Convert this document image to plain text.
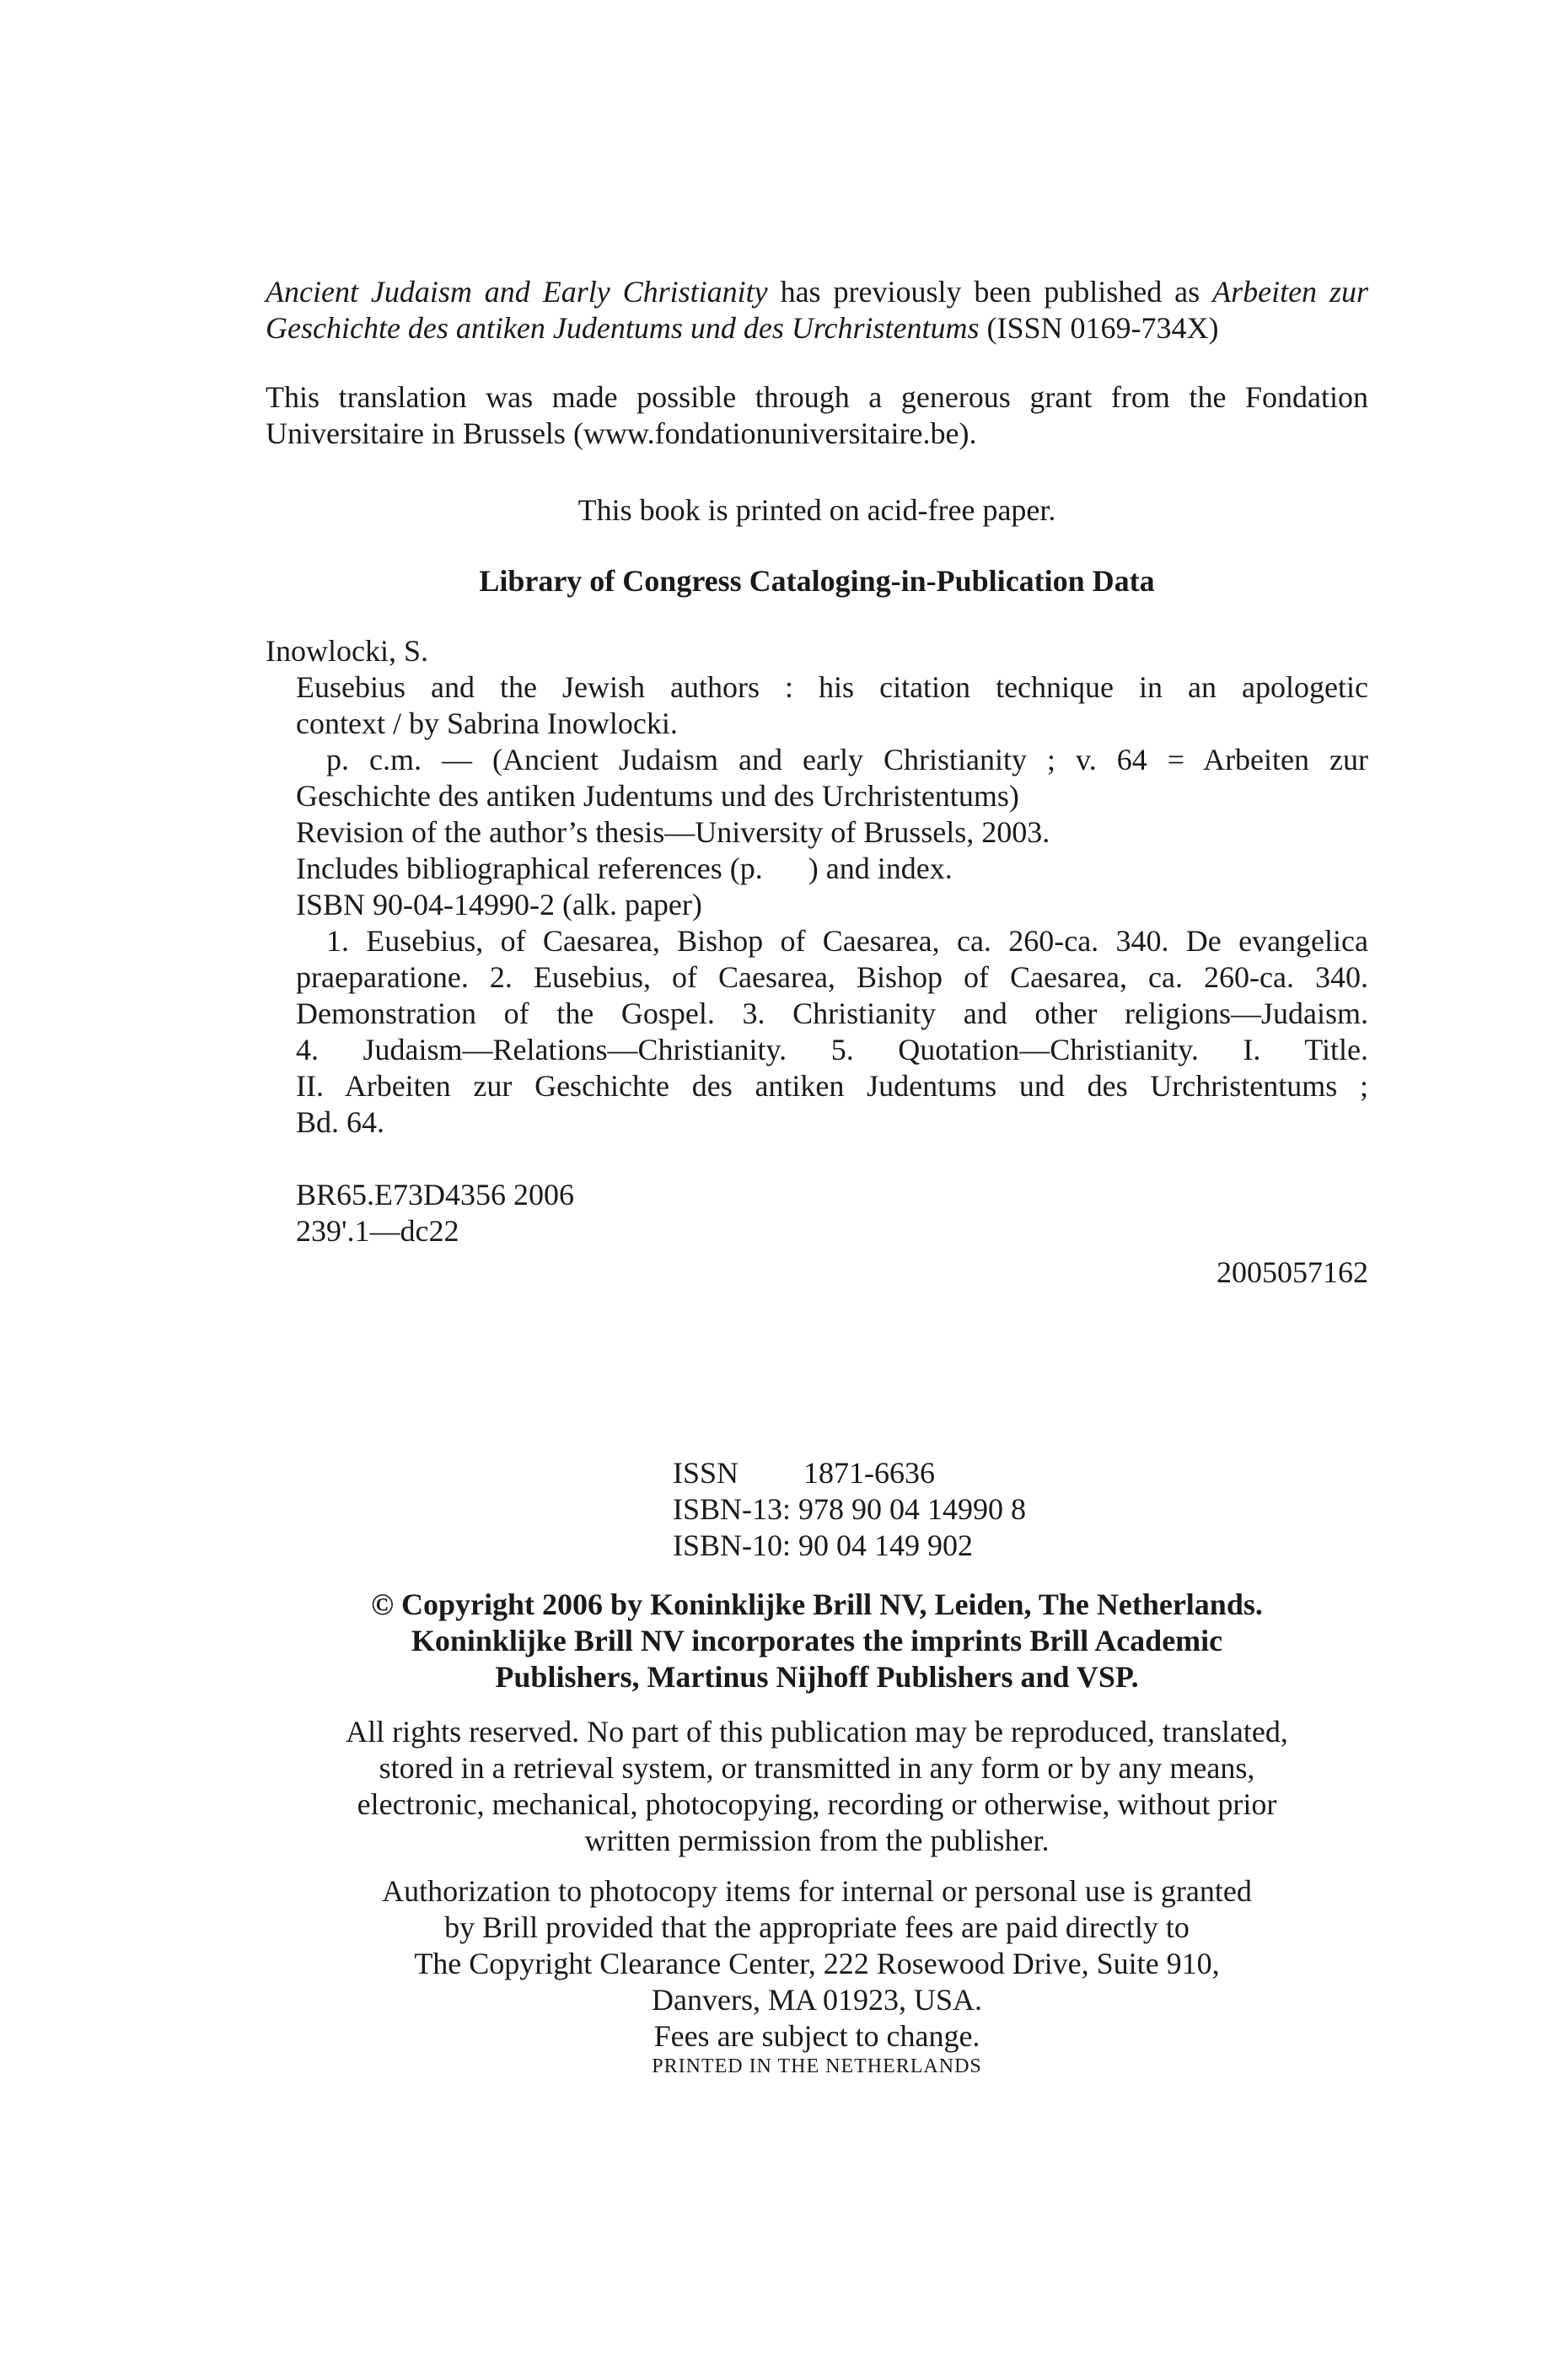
Ancient Judaism and Early Christianity has previously been published as Arbeiten zur Geschichte des antiken Judentums und des Urchristentums (ISSN 0169-734X)
This translation was made possible through a generous grant from the Fondation Universitaire in Brussels (www.fondationuniversitaire.be).
This book is printed on acid-free paper.
Library of Congress Cataloging-in-Publication Data
Inowlocki, S.
Eusebius and the Jewish authors : his citation technique in an apologetic
context / by Sabrina Inowlocki.
p. c.m. — (Ancient Judaism and early Christianity ; v. 64 = Arbeiten zur
Geschichte des antiken Judentums und des Urchristentums)
Revision of the author’s thesis—University of Brussels, 2003.
Includes bibliographical references (p.      ) and index.
ISBN 90-04-14990-2 (alk. paper)
1. Eusebius, of Caesarea, Bishop of Caesarea, ca. 260-ca. 340. De evangelica
praeparatione. 2. Eusebius, of Caesarea, Bishop of Caesarea, ca. 260-ca. 340.
Demonstration of the Gospel. 3. Christianity and other religions—Judaism.
4. Judaism—Relations—Christianity. 5. Quotation—Christianity. I. Title.
II. Arbeiten zur Geschichte des antiken Judentums und des Urchristentums ;
Bd. 64.
BR65.E73D4356 2006
239'.1—dc22
2005057162
ISSN 1871-6636
ISBN-13: 978 90 04 14990 8
ISBN-10: 90 04 149 902
© Copyright 2006 by Koninklijke Brill NV, Leiden, The Netherlands.
Koninklijke Brill NV incorporates the imprints Brill Academic
Publishers, Martinus Nijhoff Publishers and VSP.
All rights reserved. No part of this publication may be reproduced, translated,
stored in a retrieval system, or transmitted in any form or by any means,
electronic, mechanical, photocopying, recording or otherwise, without prior
written permission from the publisher.
Authorization to photocopy items for internal or personal use is granted
by Brill provided that the appropriate fees are paid directly to
The Copyright Clearance Center, 222 Rosewood Drive, Suite 910,
Danvers, MA 01923, USA.
Fees are subject to change.
PRINTED IN THE NETHERLANDS
